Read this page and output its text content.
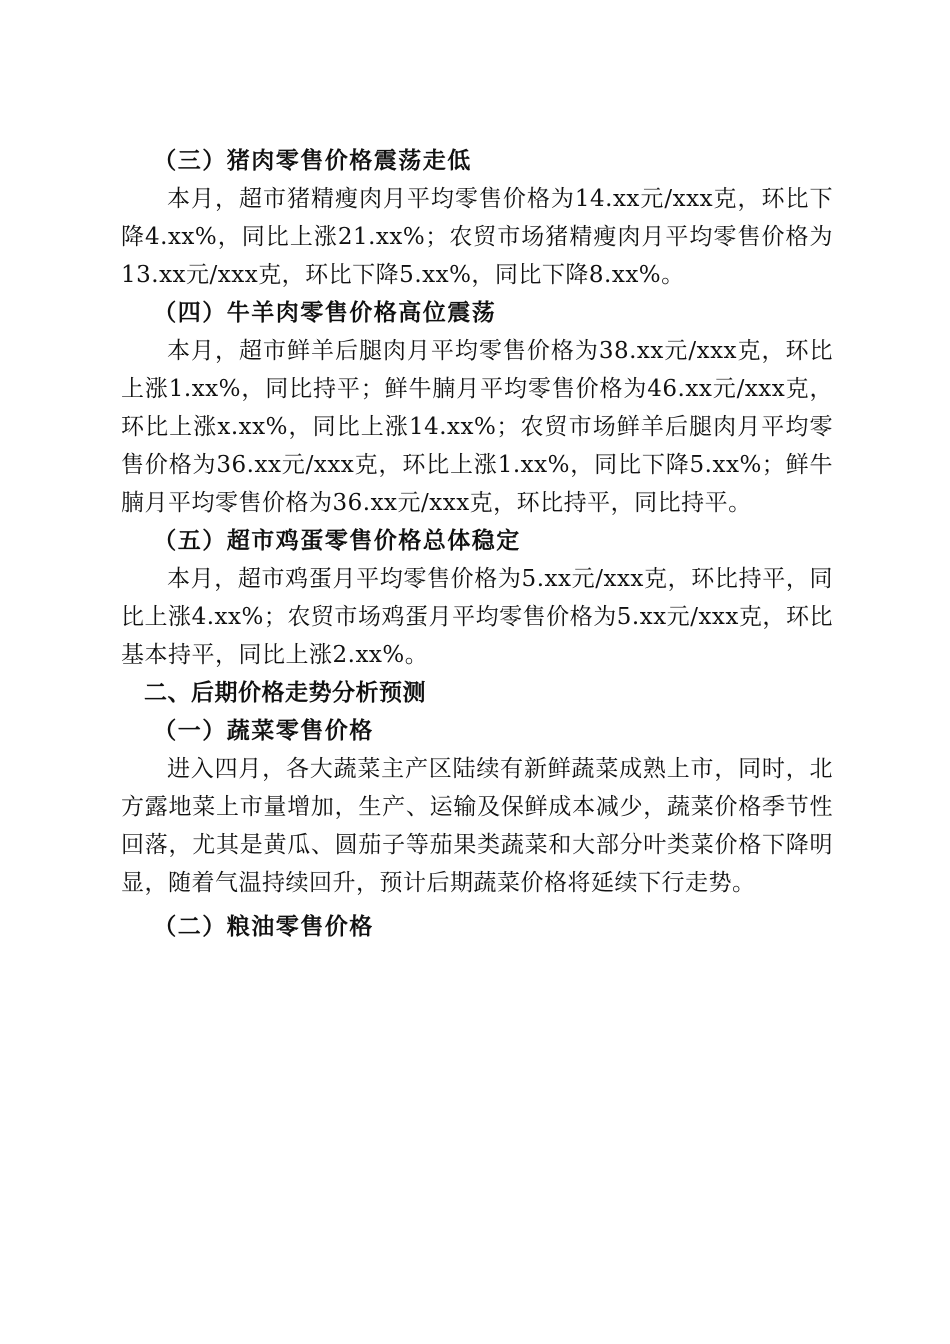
（三）猪肉零售价格震荡走低

本月，超市猪精瘦肉月平均零售价格为14.xx元/xxx克，环比下降4.xx%，同比上涨21.xx%；农贸市场猪精瘦肉月平均零售价格为13.xx元/xxx克，环比下降5.xx%，同比下降8.xx%。

（四）牛羊肉零售价格高位震荡

本月，超市鲜羊后腿肉月平均零售价格为38.xx元/xxx克，环比上涨1.xx%，同比持平；鲜牛腩月平均零售价格为46.xx元/xxx克，环比上涨x.xx%，同比上涨14.xx%；农贸市场鲜羊后腿肉月平均零售价格为36.xx元/xxx克，环比上涨1.xx%，同比下降5.xx%；鲜牛腩月平均零售价格为36.xx元/xxx克，环比持平，同比持平。

（五）超市鸡蛋零售价格总体稳定

本月，超市鸡蛋月平均零售价格为5.xx元/xxx克，环比持平，同比上涨4.xx%；农贸市场鸡蛋月平均零售价格为5.xx元/xxx克，环比基本持平，同比上涨2.xx%。

二、后期价格走势分析预测

（一）蔬菜零售价格

进入四月，各大蔬菜主产区陆续有新鲜蔬菜成熟上市，同时，北方露地菜上市量增加，生产、运输及保鲜成本减少，蔬菜价格季节性回落，尤其是黄瓜、圆茄子等茄果类蔬菜和大部分叶类菜价格下降明显，随着气温持续回升，预计后期蔬菜价格将延续下行走势。

（二）粮油零售价格
